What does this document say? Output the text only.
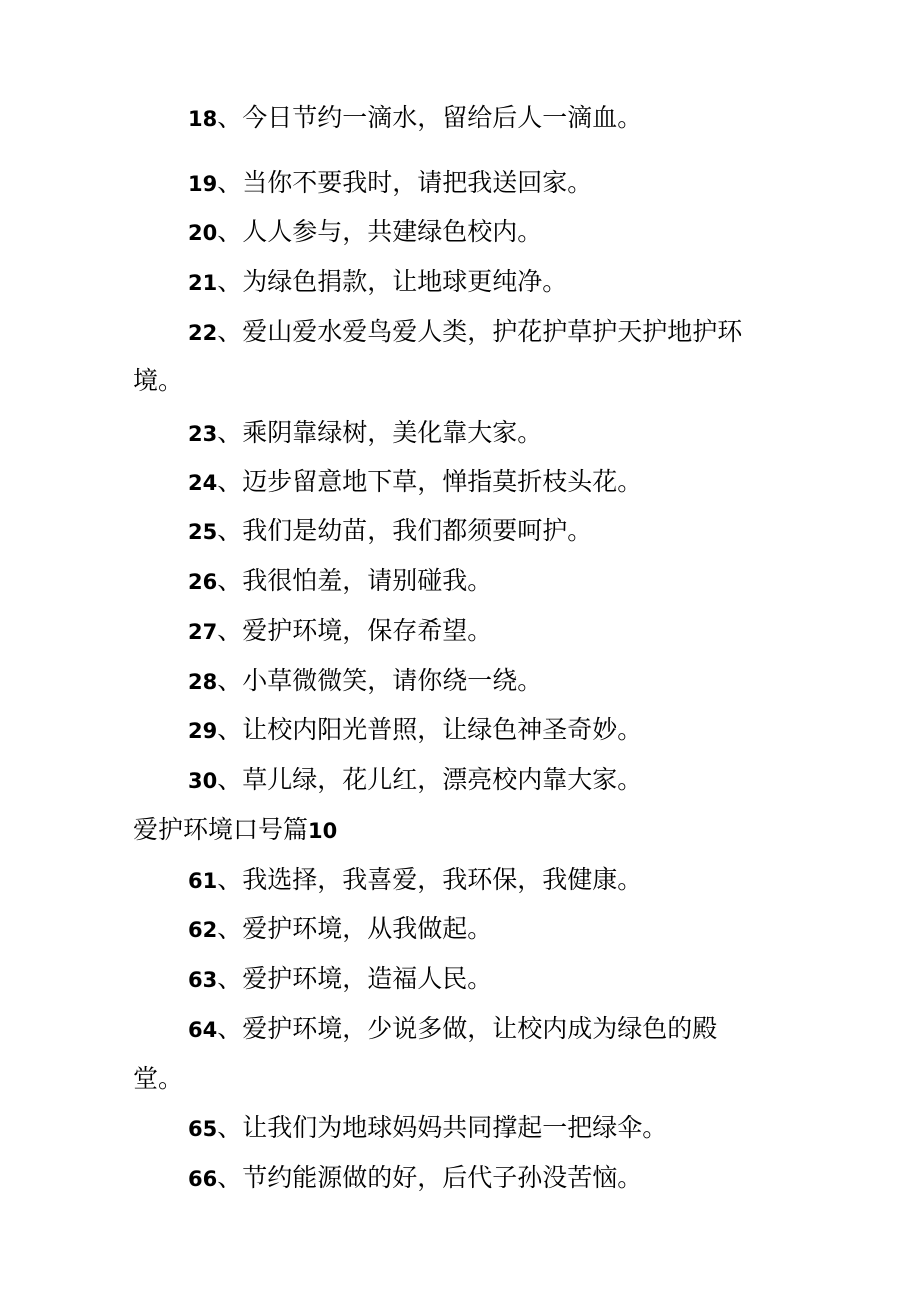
18、今日节约一滴水，留给后人一滴血。
19、当你不要我时，请把我送回家。
20、人人参与，共建绿色校内。
21、为绿色捐款，让地球更纯净。
22、爱山爱水爱鸟爱人类，护花护草护天护地护环
境。
23、乘阴靠绿树，美化靠大家。
24、迈步留意地下草，惮指莫折枝头花。
25、我们是幼苗，我们都须要呵护。
26、我很怕羞，请别碰我。
27、爱护环境，保存希望。
28、小草微微笑，请你绕一绕。
29、让校内阳光普照，让绿色神圣奇妙。
30、草儿绿，花儿红，漂亮校内靠大家。
爱护环境口号篇10
61、我选择，我喜爱，我环保，我健康。
62、爱护环境，从我做起。
63、爱护环境，造福人民。
64、爱护环境，少说多做，让校内成为绿色的殿
堂。
65、让我们为地球妈妈共同撑起一把绿伞。
66、节约能源做的好，后代子孙没苦恼。
